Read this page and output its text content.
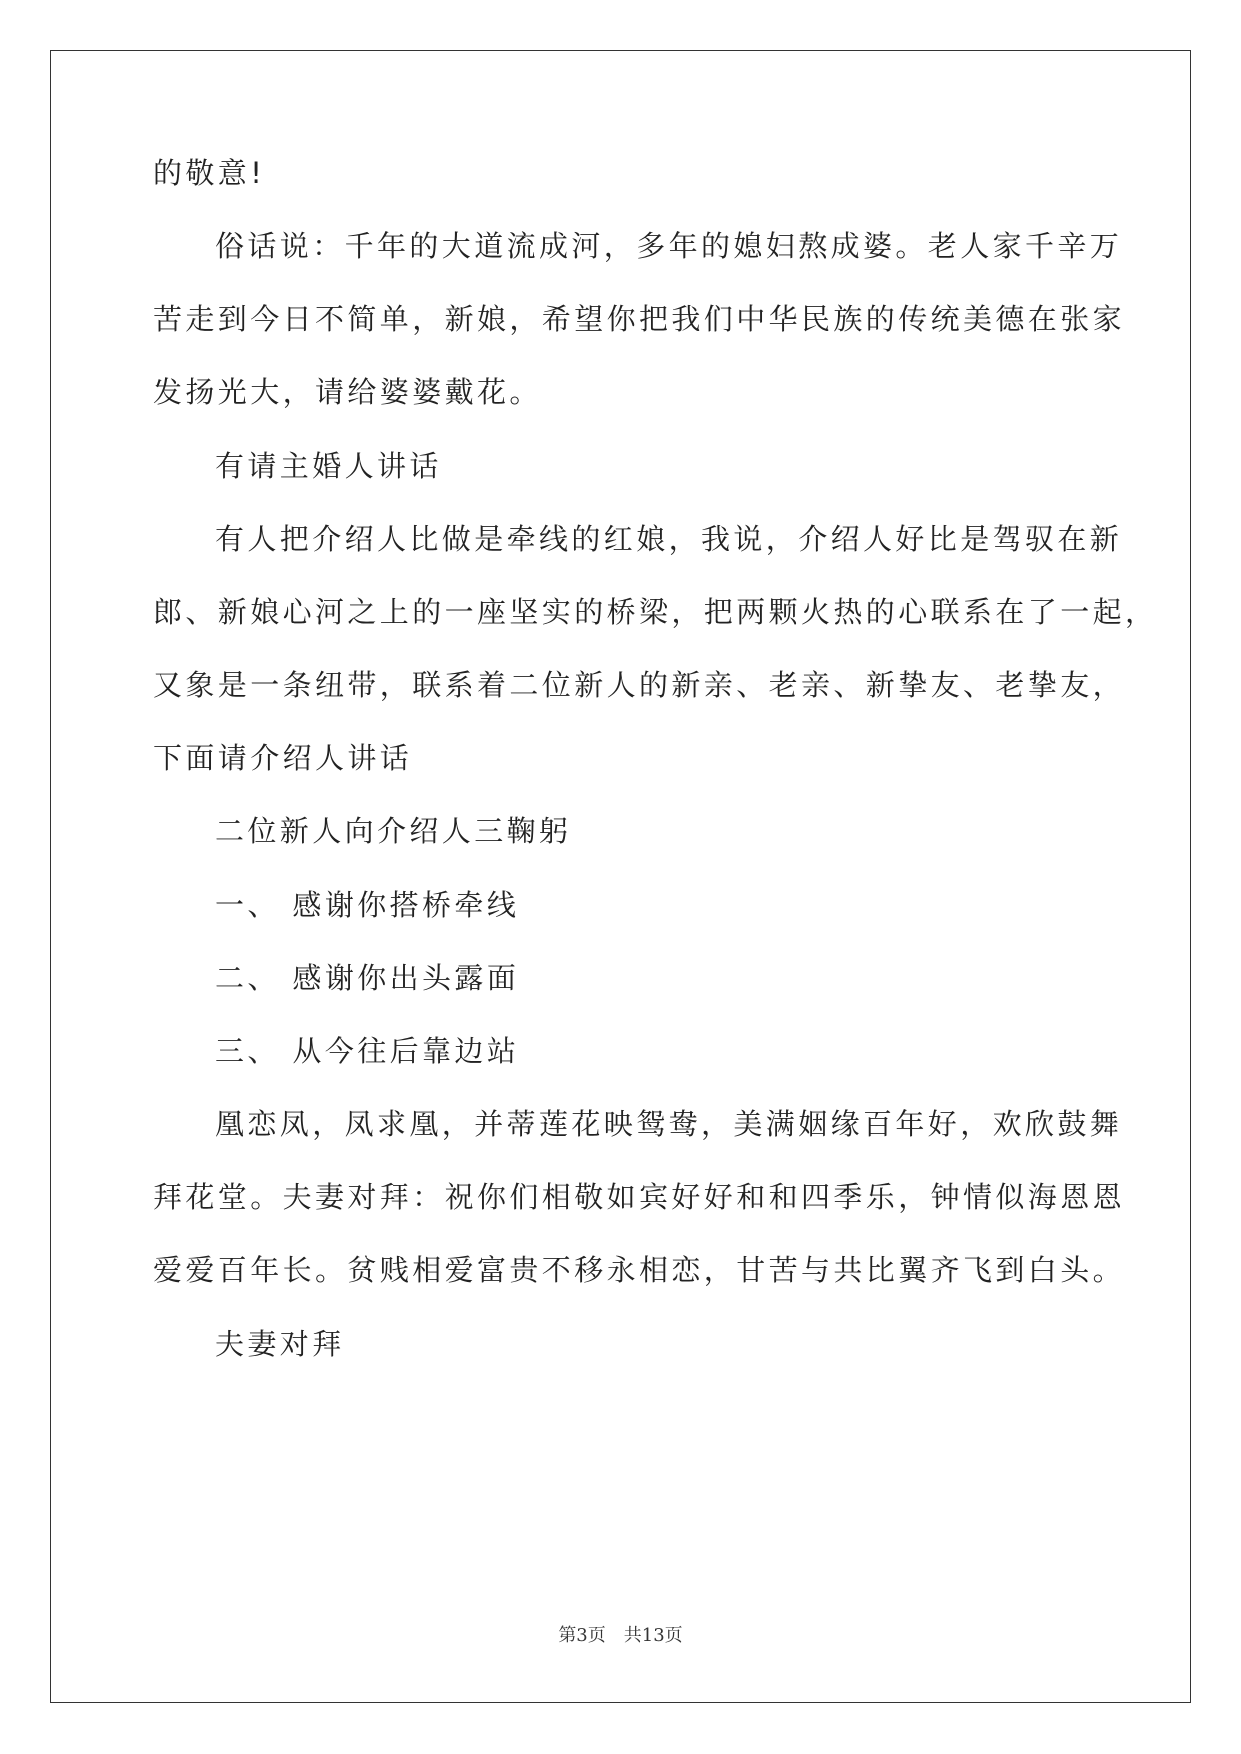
的敬意!
俗话说：千年的大道流成河，多年的媳妇熬成婆。老人家千辛万
苦走到今日不简单，新娘，希望你把我们中华民族的传统美德在张家
发扬光大，请给婆婆戴花。
有请主婚人讲话
有人把介绍人比做是牵线的红娘，我说，介绍人好比是驾驭在新
郎、新娘心河之上的一座坚实的桥梁，把两颗火热的心联系在了一起，
又象是一条纽带，联系着二位新人的新亲、老亲、新挚友、老挚友，
下面请介绍人讲话
二位新人向介绍人三鞠躬
一、 感谢你搭桥牵线
二、 感谢你出头露面
三、 从今往后靠边站
凰恋凤，凤求凰，并蒂莲花映鸳鸯，美满姻缘百年好，欢欣鼓舞
拜花堂。夫妻对拜：祝你们相敬如宾好好和和四季乐，钟情似海恩恩
爱爱百年长。贫贱相爱富贵不移永相恋，甘苦与共比翼齐飞到白头。
夫妻对拜
第3页 共13页
